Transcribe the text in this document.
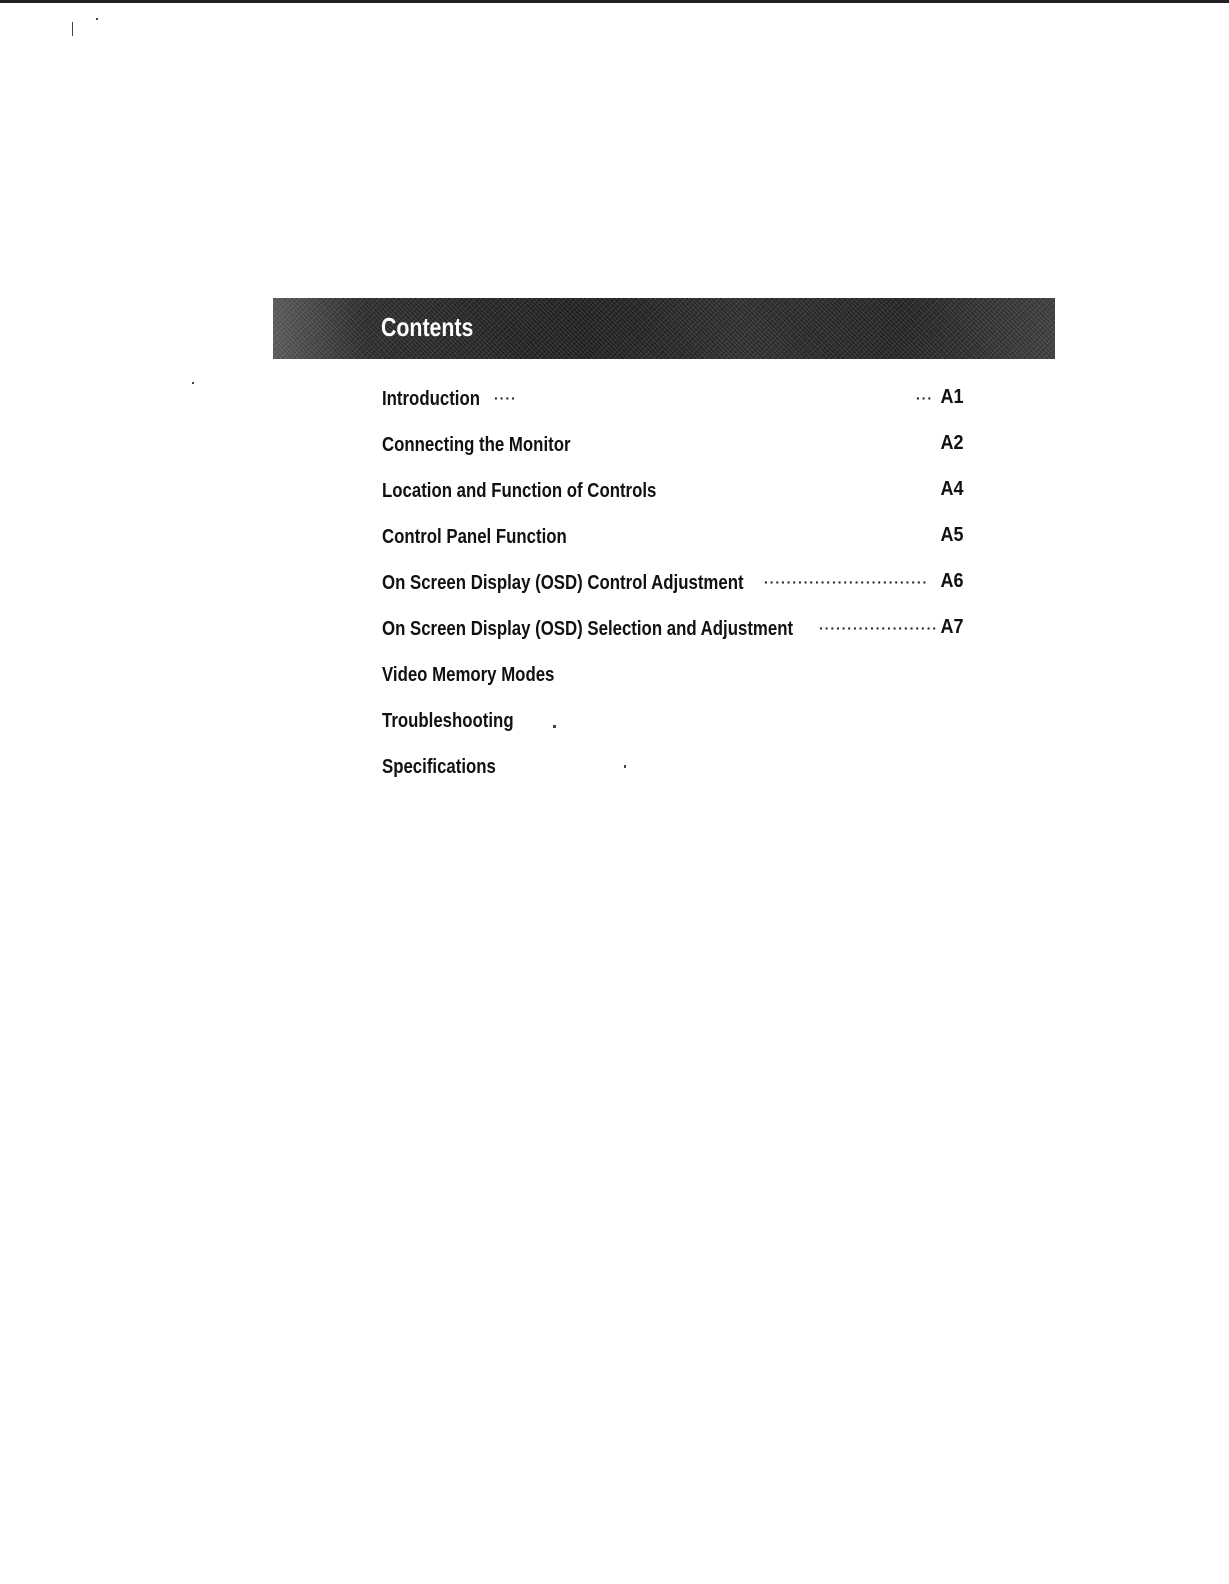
Contents
Introduction ····	··· A1
Connecting the Monitor	A2
Location and Function of Controls	A4
Control Panel Function	A5
On Screen Display (OSD) Control Adjustment ····························· A6
On Screen Display (OSD) Selection and Adjustment ····················· A7
Video Memory Modes
Troubleshooting
Specifications
